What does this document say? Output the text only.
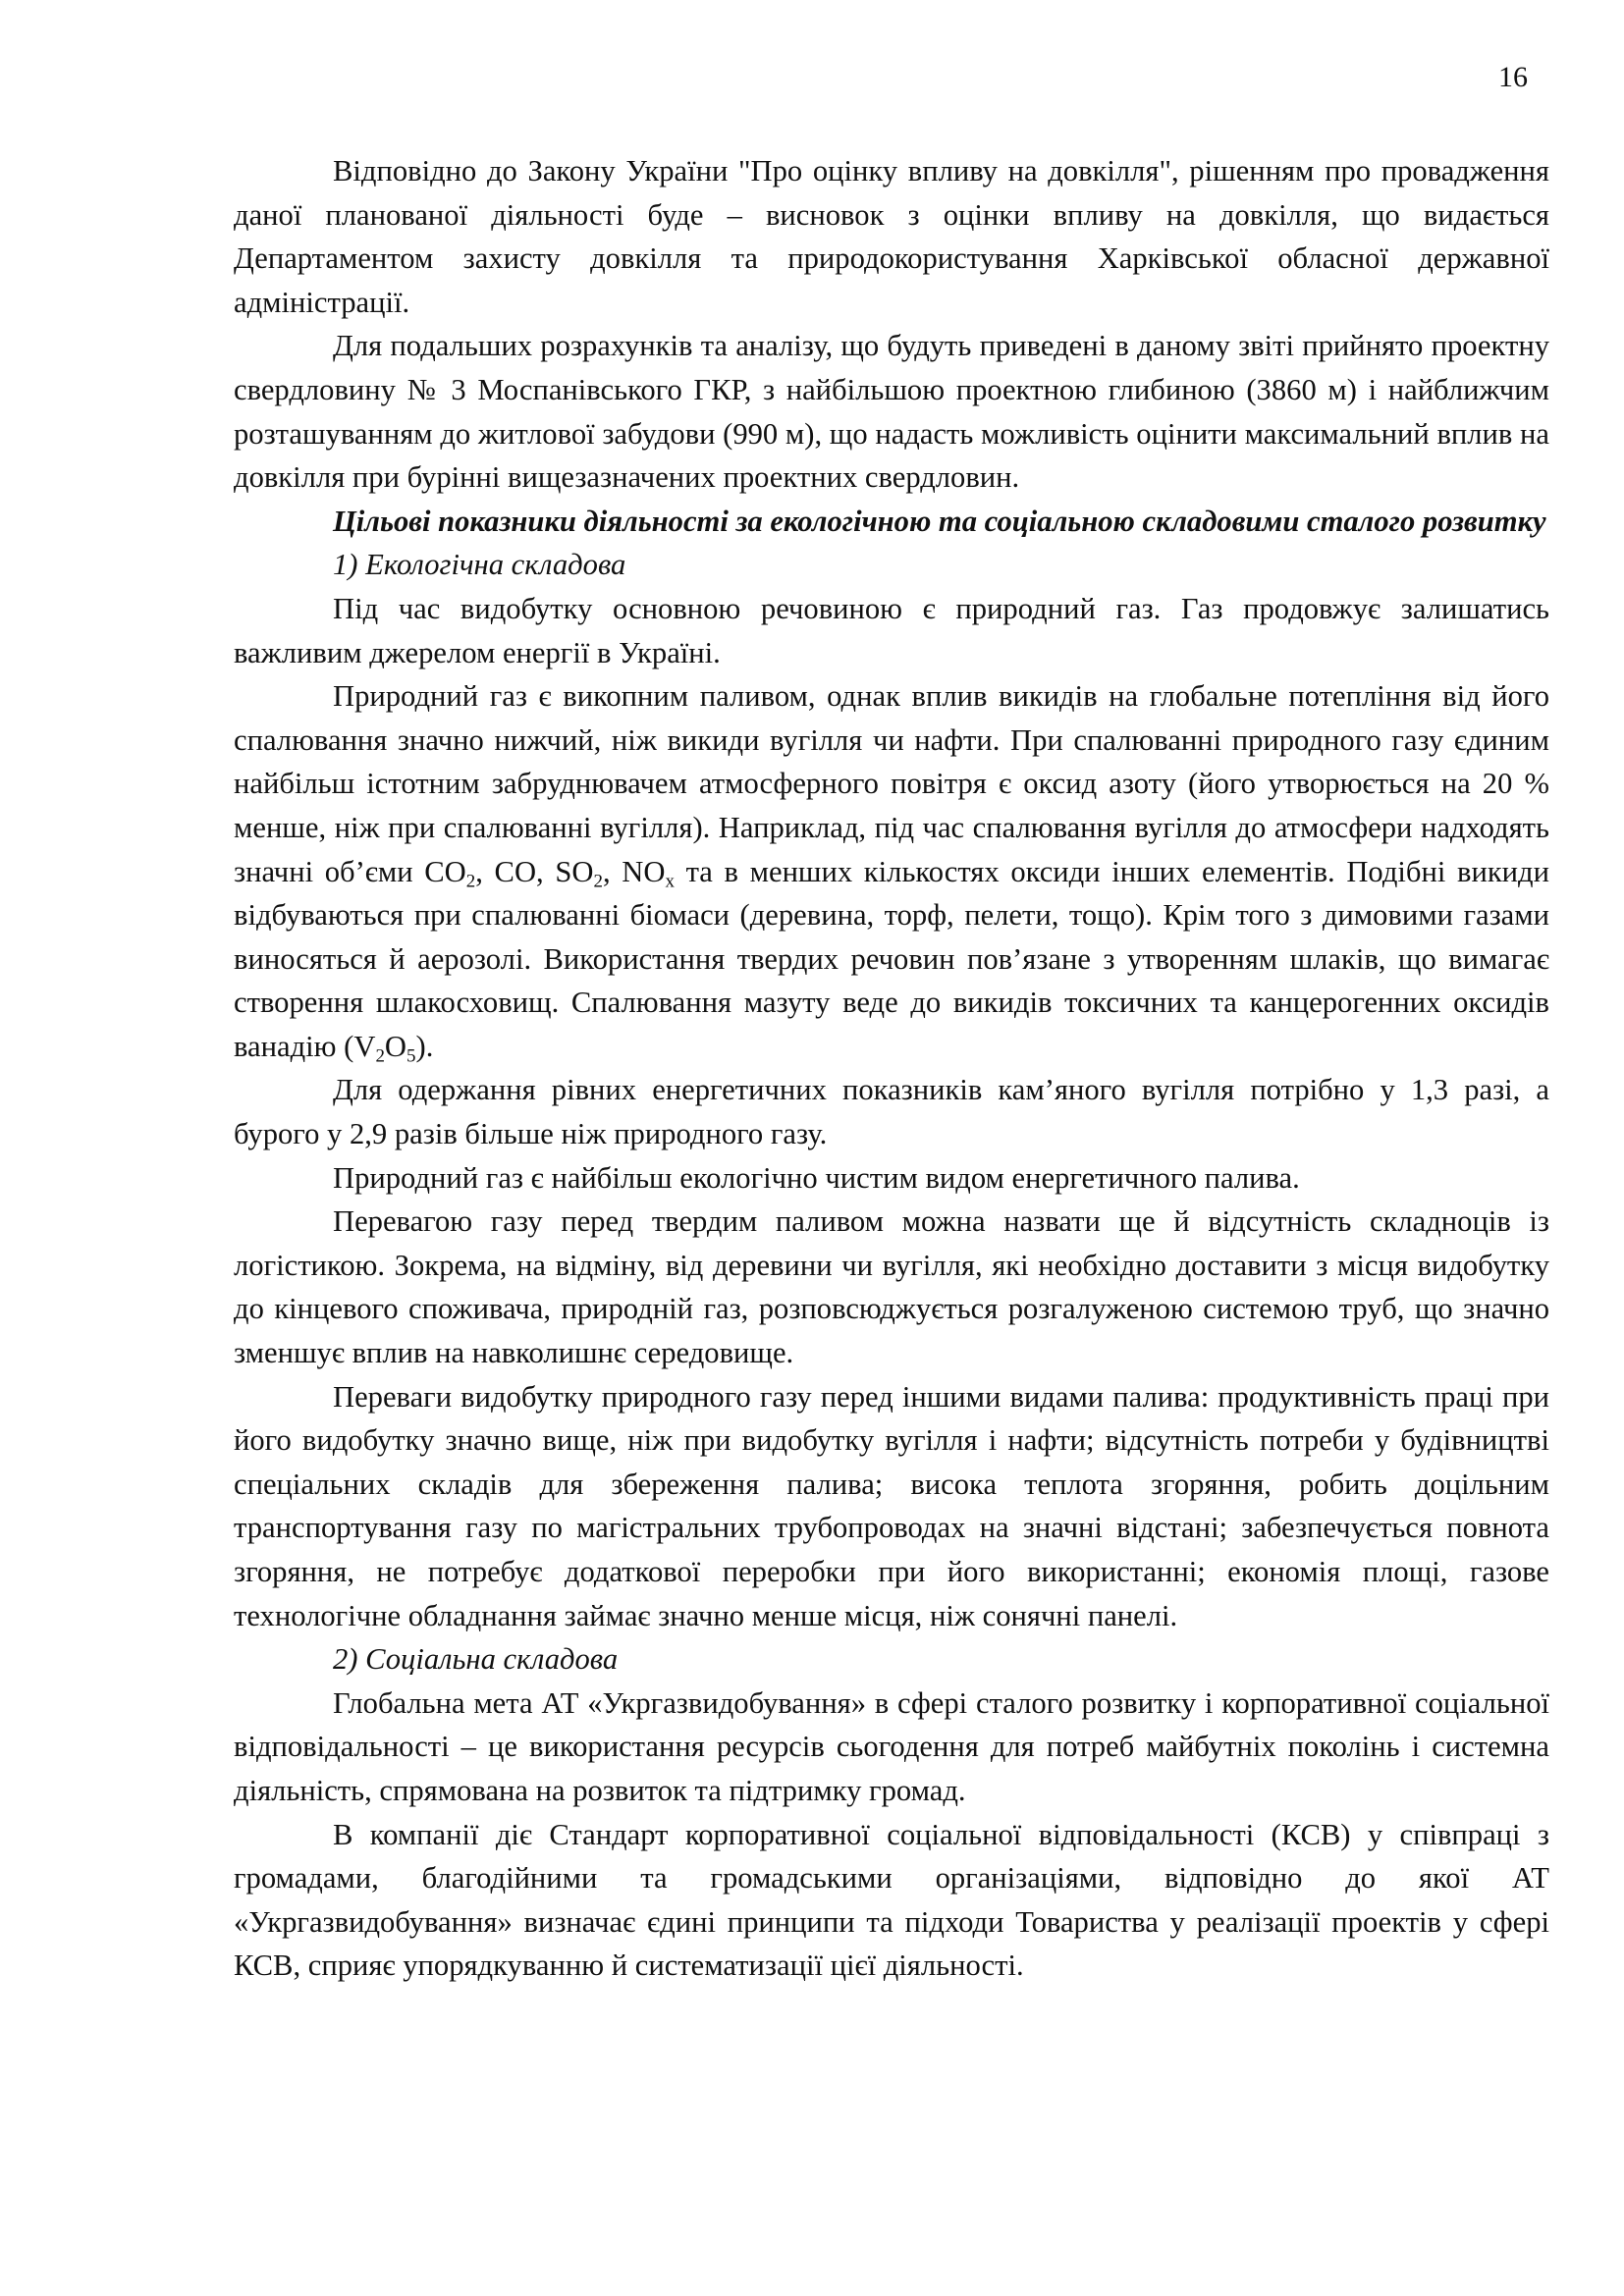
16

Відповідно до Закону України "Про оцінку впливу на довкілля", рішенням про провадження даної планованої діяльності буде – висновок з оцінки впливу на довкілля, що видається Департаментом захисту довкілля та природокористування Харківської обласної державної адміністрації.

Для подальших розрахунків та аналізу, що будуть приведені в даному звіті прийнято проектну свердловину № 3 Моспанівського ГКР, з найбільшою проектною глибиною (3860 м) і найближчим розташуванням до житлової забудови (990 м), що надасть можливість оцінити максимальний вплив на довкілля при бурінні вищезазначених проектних свердловин.

Цільові показники діяльності за екологічною та соціальною складовими сталого розвитку

1) Екологічна складова

Під час видобутку основною речовиною є природний газ. Газ продовжує залишатись важливим джерелом енергії в Україні.

Природний газ є викопним паливом, однак вплив викидів на глобальне потепління від його спалювання значно нижчий, ніж викиди вугілля чи нафти. При спалюванні природного газу єдиним найбільш істотним забруднювачем атмосферного повітря є оксид азоту (його утворюється на 20 % менше, ніж при спалюванні вугілля). Наприклад, під час спалювання вугілля до атмосфери надходять значні об’єми $CO_2$, CO, $SO_2$, $NO_x$ та в менших кількостях оксиди інших елементів. Подібні викиди відбуваються при спалюванні біомаси (деревина, торф, пелети, тощо). Крім того з димовими газами виносяться й аерозолі. Використання твердих речовин пов’язане з утворенням шлаків, що вимагає створення шлакосховищ. Спалювання мазуту веде до викидів токсичних та канцерогенних оксидів ванадію $(V_2O_5)$.

Для одержання рівних енергетичних показників кам’яного вугілля потрібно у 1,3 разі, а бурого у 2,9 разів більше ніж природного газу.

Природний газ є найбільш екологічно чистим видом енергетичного палива.

Перевагою газу перед твердим паливом можна назвати ще й відсутність складноців із логістикою. Зокрема, на відміну, від деревини чи вугілля, які необхідно доставити з місця видобутку до кінцевого споживача, природній газ, розповсюджується розгалуженою системою труб, що значно зменшує вплив на навколишнє середовище.

Переваги видобутку природного газу перед іншими видами палива: продуктивність праці при його видобутку значно вище, ніж при видобутку вугілля і нафти; відсутність потреби у будівництві спеціальних складів для збереження палива; висока теплота згоряння, робить доцільним транспортування газу по магістральних трубопроводах на значні відстані; забезпечується повнота згоряння, не потребує додаткової переробки при його використанні; економія площі, газове технологічне обладнання займає значно менше місця, ніж сонячні панелі.

2) Соціальна складова

Глобальна мета АТ «Укргазвидобування» в сфері сталого розвитку і корпоративної соціальної відповідальності – це використання ресурсів сьогодення для потреб майбутніх поколінь і системна діяльність, спрямована на розвиток та підтримку громад.

В компанії діє Стандарт корпоративної соціальної відповідальності (КСВ) у співпраці з громадами, благодійними та громадськими організаціями, відповідно до якої АТ «Укргазвидобування» визначає єдині принципи та підходи Товариства у реалізації проектів у сфері КСВ, сприяє упорядкуванню й систематизації цієї діяльності.
